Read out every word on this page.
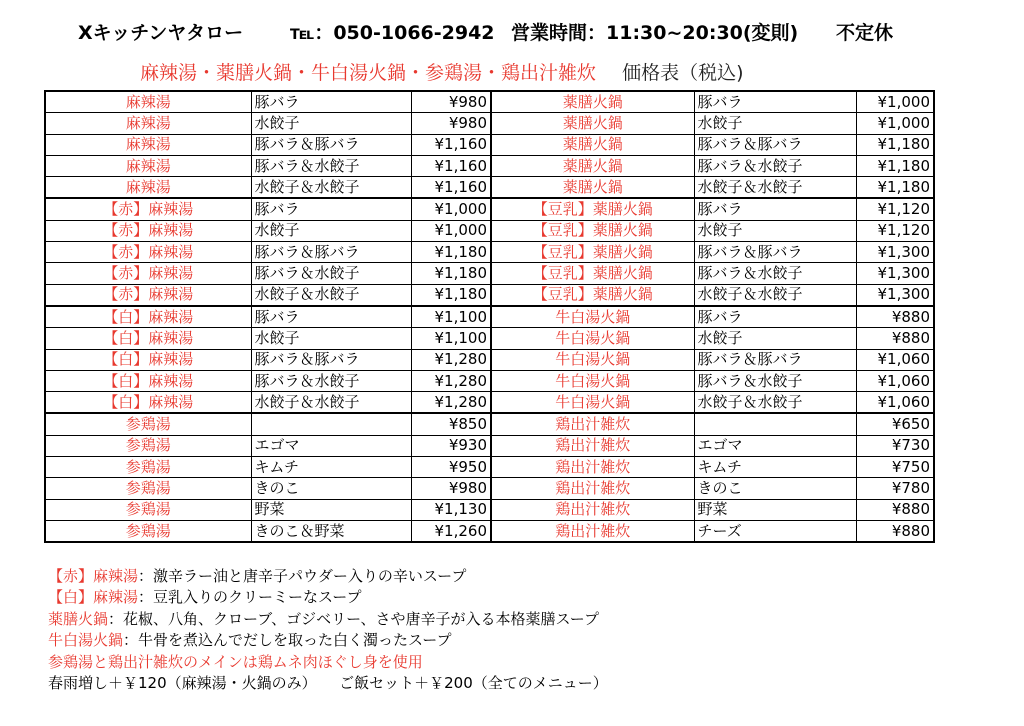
Xキッチンヤタロー ℡：050-1066-2942 営業時間：11:30~20:30(変則) 不定休
麻辣湯・薬膳火鍋・牛白湯火鍋・参鶏湯・鶏出汁雑炊 価格表（税込)
麻辣湯	豚バラ	¥980	薬膳火鍋	豚バラ	¥1,000
麻辣湯	水餃子	¥980	薬膳火鍋	水餃子	¥1,000
麻辣湯	豚バラ＆豚バラ	¥1,160	薬膳火鍋	豚バラ＆豚バラ	¥1,180
麻辣湯	豚バラ＆水餃子	¥1,160	薬膳火鍋	豚バラ＆水餃子	¥1,180
麻辣湯	水餃子＆水餃子	¥1,160	薬膳火鍋	水餃子＆水餃子	¥1,180
【赤】麻辣湯	豚バラ	¥1,000	【豆乳】薬膳火鍋	豚バラ	¥1,120
【赤】麻辣湯	水餃子	¥1,000	【豆乳】薬膳火鍋	水餃子	¥1,120
【赤】麻辣湯	豚バラ＆豚バラ	¥1,180	【豆乳】薬膳火鍋	豚バラ＆豚バラ	¥1,300
【赤】麻辣湯	豚バラ＆水餃子	¥1,180	【豆乳】薬膳火鍋	豚バラ＆水餃子	¥1,300
【赤】麻辣湯	水餃子＆水餃子	¥1,180	【豆乳】薬膳火鍋	水餃子＆水餃子	¥1,300
【白】麻辣湯	豚バラ	¥1,100	牛白湯火鍋	豚バラ	¥880
【白】麻辣湯	水餃子	¥1,100	牛白湯火鍋	水餃子	¥880
【白】麻辣湯	豚バラ＆豚バラ	¥1,280	牛白湯火鍋	豚バラ＆豚バラ	¥1,060
【白】麻辣湯	豚バラ＆水餃子	¥1,280	牛白湯火鍋	豚バラ＆水餃子	¥1,060
【白】麻辣湯	水餃子＆水餃子	¥1,280	牛白湯火鍋	水餃子＆水餃子	¥1,060
参鶏湯		¥850	鶏出汁雑炊		¥650
参鶏湯	エゴマ	¥930	鶏出汁雑炊	エゴマ	¥730
参鶏湯	キムチ	¥950	鶏出汁雑炊	キムチ	¥750
参鶏湯	きのこ	¥980	鶏出汁雑炊	きのこ	¥780
参鶏湯	野菜	¥1,130	鶏出汁雑炊	野菜	¥880
参鶏湯	きのこ＆野菜	¥1,260	鶏出汁雑炊	チーズ	¥880
【赤】麻辣湯：激辛ラー油と唐辛子パウダー入りの辛いスープ
【白】麻辣湯：豆乳入りのクリーミーなスープ
薬膳火鍋：花椒、八角、クローブ、ゴジベリー、さや唐辛子が入る本格薬膳スープ
牛白湯火鍋：牛骨を煮込んでだしを取った白く濁ったスープ
参鶏湯と鶏出汁雑炊のメインは鶏ムネ肉ほぐし身を使用
春雨増し＋￥120（麻辣湯・火鍋のみ）　　ご飯セット＋￥200（全てのメニュー）
